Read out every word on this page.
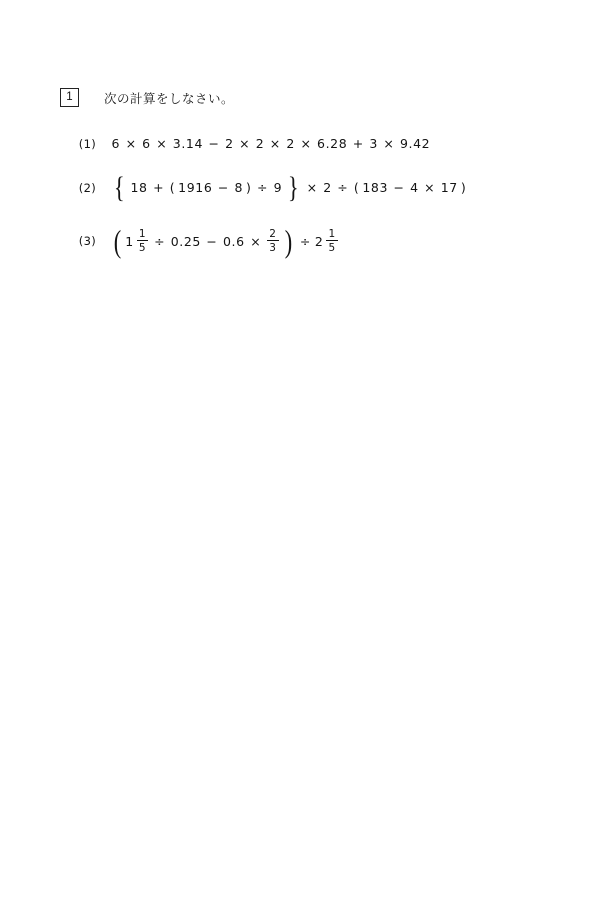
1	次の計算をしなさい。
(1) 6 × 6 × 3.14 − 2 × 2 × 2 × 6.28 + 3 × 9.42
(2) { 18 + ( 1916 − 8 ) ÷ 9 } × 2 ÷ ( 183 − 4 × 17 )
(3) ( $1 \frac{1}{5} \div 0.25 - 0.6 \times \frac{2}{3}$ ) ÷ $2 \frac{1}{5}$
